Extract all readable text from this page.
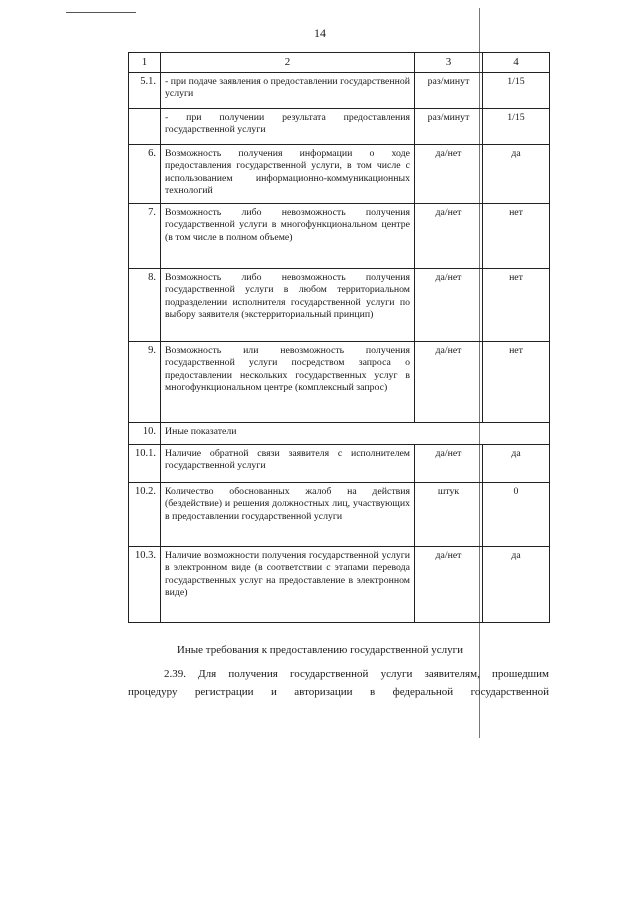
14
1	2	3	4
5.1.	- при подаче заявления о предоставлении государственной услуги	раз/минут	1/15
	- при получении результата предоставления государственной услуги	раз/минут	1/15
6.	Возможность получения информации о ходе предоставления государственной услуги, в том числе с использованием информационно-коммуникационных технологий	да/нет	да
7.	Возможность либо невозможность получения государственной услуги в многофункциональном центре (в том числе в полном объеме)	да/нет	нет
8.	Возможность либо невозможность получения государственной услуги в любом территориальном подразделении исполнителя государственной услуги по выбору заявителя (экстерриториальный принцип)	да/нет	нет
9.	Возможность или невозможность получения государственной услуги посредством запроса о предоставлении нескольких государственных услуг в многофункциональном центре (комплексный запрос)	да/нет	нет
10.	Иные показатели		
10.1.	Наличие обратной связи заявителя с исполнителем государственной услуги	да/нет	да
10.2.	Количество обоснованных жалоб на действия (бездействие) и решения должностных лиц, участвующих в предоставлении государственной услуги	штук	0
10.3.	Наличие возможности получения государственной услуги в электронном виде (в соответствии с этапами перевода государственных услуг на предоставление в электронном виде)	да/нет	да
Иные требования к предоставлению государственной услуги
2.39. Для получения государственной услуги заявителям, прошедшим
процедуру регистрации и авторизации в федеральной государственной
